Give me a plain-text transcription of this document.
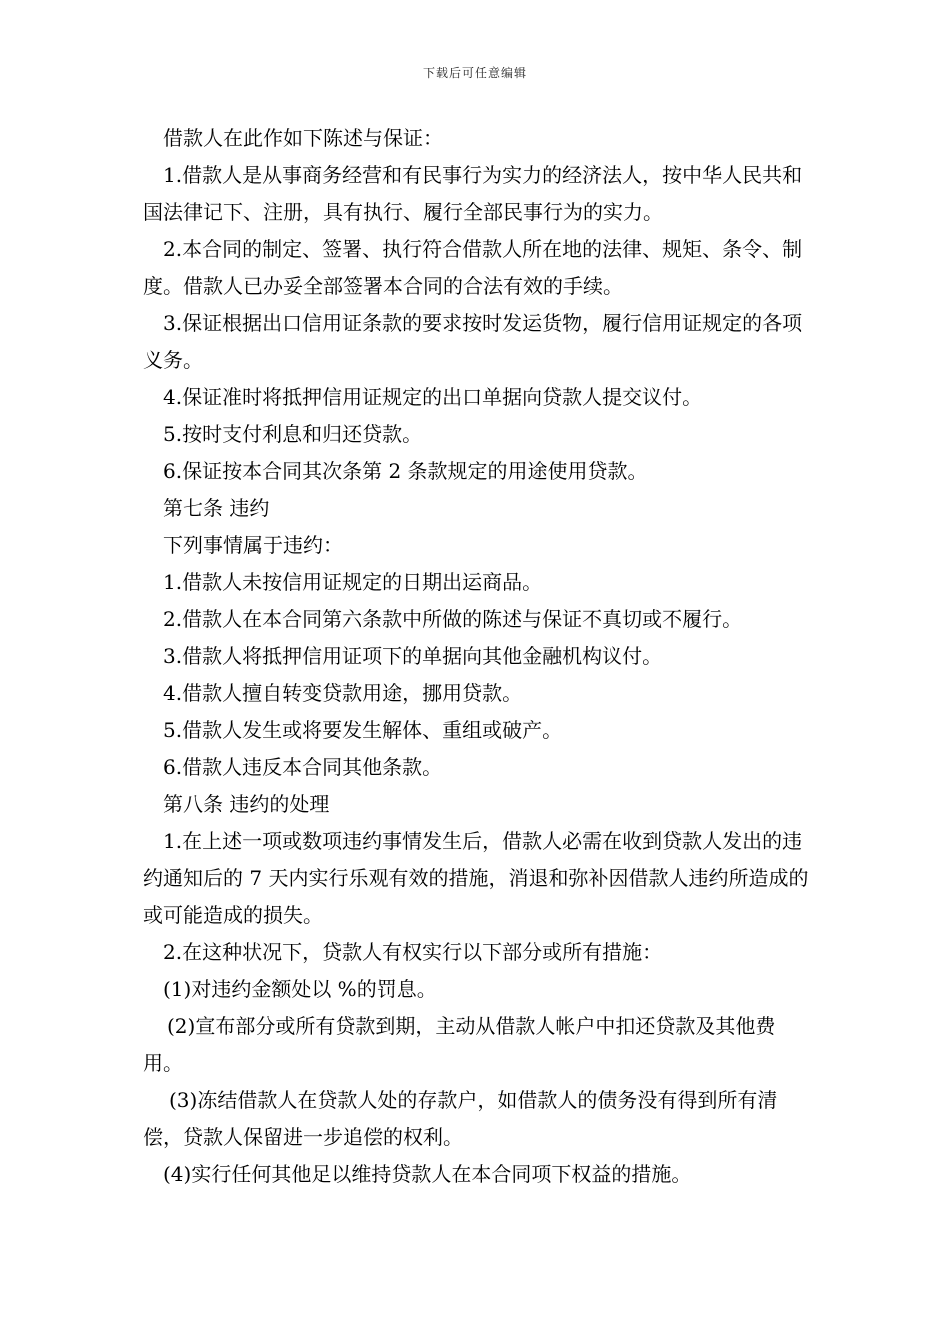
下载后可任意编辑

借款人在此作如下陈述与保证：

1.借款人是从事商务经营和有民事行为实力的经济法人，按中华人民共和国法律记下、注册，具有执行、履行全部民事行为的实力。

2.本合同的制定、签署、执行符合借款人所在地的法律、规矩、条令、制度。借款人已办妥全部签署本合同的合法有效的手续。

3.保证根据出口信用证条款的要求按时发运货物，履行信用证规定的各项义务。

4.保证准时将抵押信用证规定的出口单据向贷款人提交议付。

5.按时支付利息和归还贷款。

6.保证按本合同其次条第 2 条款规定的用途使用贷款。

第七条 违约

下列事情属于违约：

1.借款人未按信用证规定的日期出运商品。

2.借款人在本合同第六条款中所做的陈述与保证不真切或不履行。

3.借款人将抵押信用证项下的单据向其他金融机构议付。

4.借款人擅自转变贷款用途，挪用贷款。

5.借款人发生或将要发生解体、重组或破产。

6.借款人违反本合同其他条款。

第八条 违约的处理

1.在上述一项或数项违约事情发生后，借款人必需在收到贷款人发出的违约通知后的 7 天内实行乐观有效的措施，消退和弥补因借款人违约所造成的或可能造成的损失。

2.在这种状况下，贷款人有权实行以下部分或所有措施：

(1)对违约金额处以 %的罚息。

(2)宣布部分或所有贷款到期，主动从借款人帐户中扣还贷款及其他费用。

(3)冻结借款人在贷款人处的存款户，如借款人的债务没有得到所有清偿，贷款人保留进一步追偿的权利。

(4)实行任何其他足以维持贷款人在本合同项下权益的措施。
